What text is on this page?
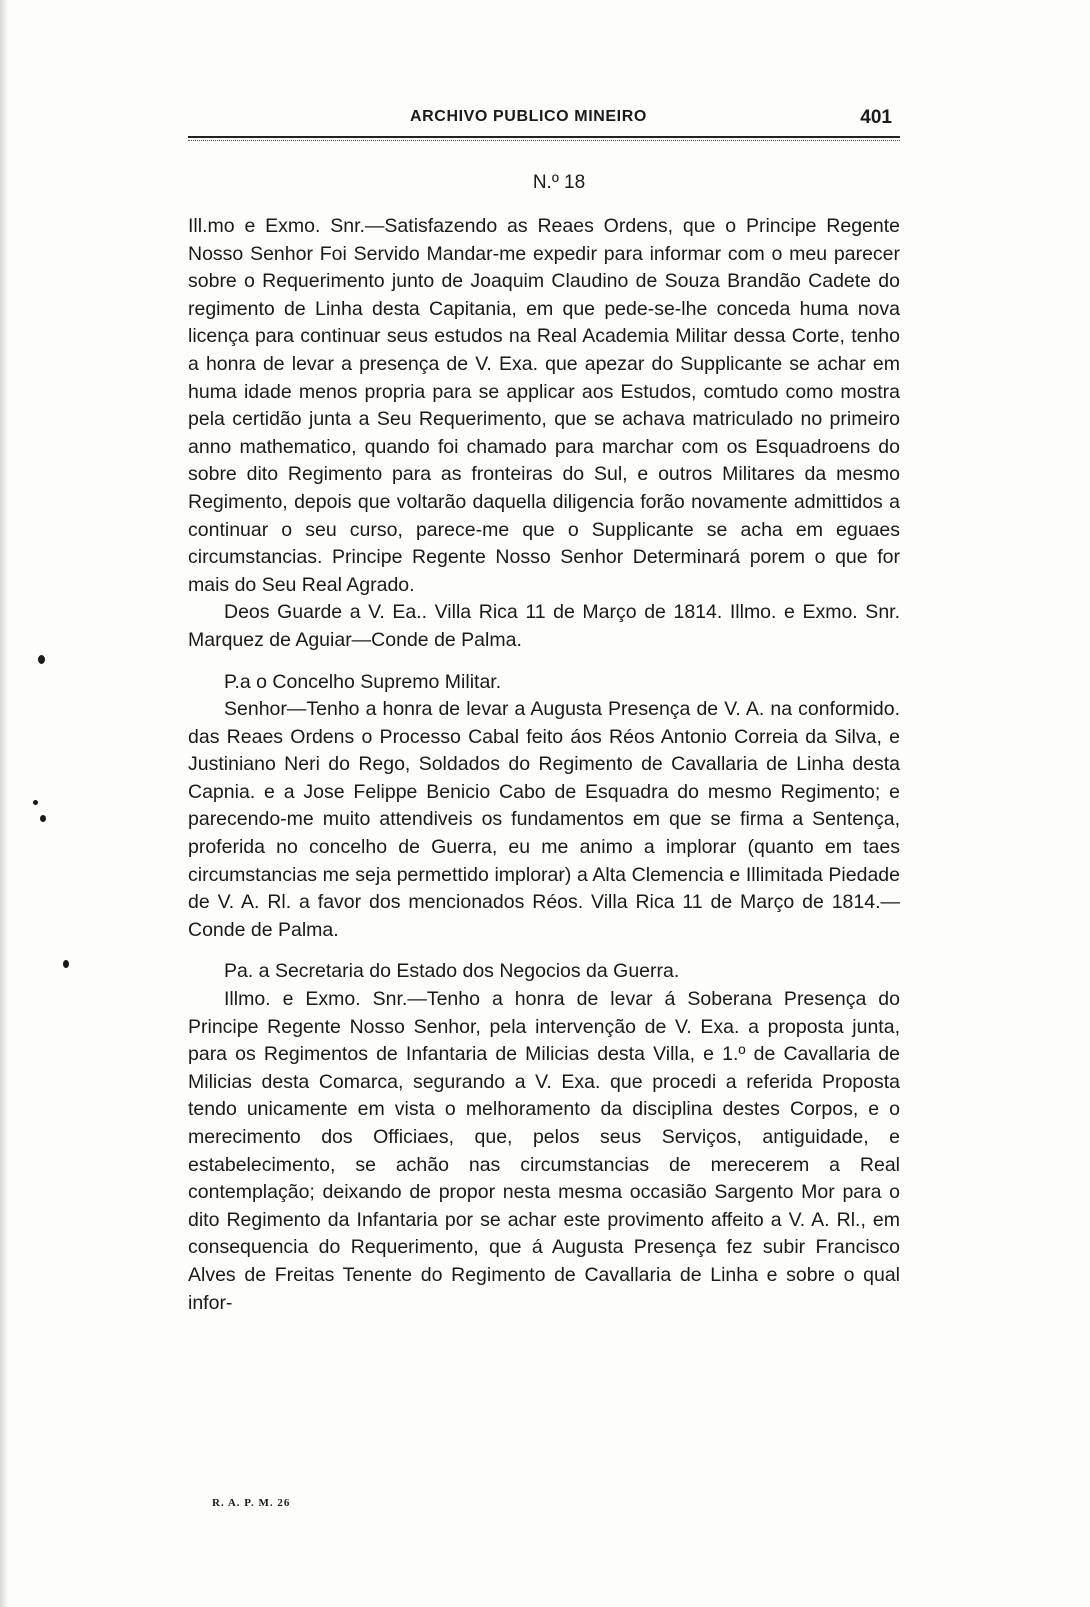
ARCHIVO PUBLICO MINEIRO	401
N.º 18

Ill.mo e Exmo. Snr.—Satisfazendo as Reaes Ordens, que o Principe Regente Nosso Senhor Foi Servido Mandar-me expedir para informar com o meu parecer sobre o Requerimento junto de Joaquim Claudino de Souza Brandão Cadete do regimento de Linha desta Capitania, em que pede-se-lhe conceda huma nova licença para continuar seus estudos na Real Academia Militar dessa Corte, tenho a honra de levar a presença de V. Exa. que apezar do Supplicante se achar em huma idade menos propria para se applicar aos Estudos, comtudo como mostra pela certidão junta a Seu Requerimento, que se achava matriculado no primeiro anno mathematico, quando foi chamado para marchar com os Esquadroens do sobre dito Regimento para as fronteiras do Sul, e outros Militares da mesmo Regimento, depois que voltarão daquella diligencia forão novamente admittidos a continuar o seu curso, parece-me que o Supplicante se acha em eguaes circumstancias. Principe Regente Nosso Senhor Determinará porem o que for mais do Seu Real Agrado.

Deos Guarde a V. Ea.. Villa Rica 11 de Março de 1814. Illmo. e Exmo. Snr. Marquez de Aguiar—Conde de Palma.

P.a o Concelho Supremo Militar.

Senhor—Tenho a honra de levar a Augusta Presença de V. A. na conformido. das Reaes Ordens o Processo Cabal feito áos Réos Antonio Correia da Silva, e Justiniano Neri do Rego, Soldados do Regimento de Cavallaria de Linha desta Capnia. e a Jose Felippe Benicio Cabo de Esquadra do mesmo Regimento; e parecendo-me muito attendiveis os fundamentos em que se firma a Sentença, proferida no concelho de Guerra, eu me animo a implorar (quanto em taes circumstancias me seja permettido implorar) a Alta Clemencia e Illimitada Piedade de V. A. Rl. a favor dos mencionados Réos. Villa Rica 11 de Março de 1814.—Conde de Palma.

Pa. a Secretaria do Estado dos Negocios da Guerra.

Illmo. e Exmo. Snr.—Tenho a honra de levar á Soberana Presença do Principe Regente Nosso Senhor, pela intervenção de V. Exa. a proposta junta, para os Regimentos de Infantaria de Milicias desta Villa, e 1.º de Cavallaria de Milicias desta Comarca, segurando a V. Exa. que procedi a referida Proposta tendo unicamente em vista o melhoramento da disciplina destes Corpos, e o merecimento dos Officiaes, que, pelos seus Serviços, antiguidade, e estabelecimento, se achão nas circumstancias de merecerem a Real contemplação; deixando de propor nesta mesma occasião Sargento Mor para o dito Regimento da Infantaria por se achar este provimento affeito a V. A. Rl., em consequencia do Requerimento, que á Augusta Presença fez subir Francisco Alves de Freitas Tenente do Regimento de Cavallaria de Linha e sobre o qual infor-

R. A. P. M. 26
